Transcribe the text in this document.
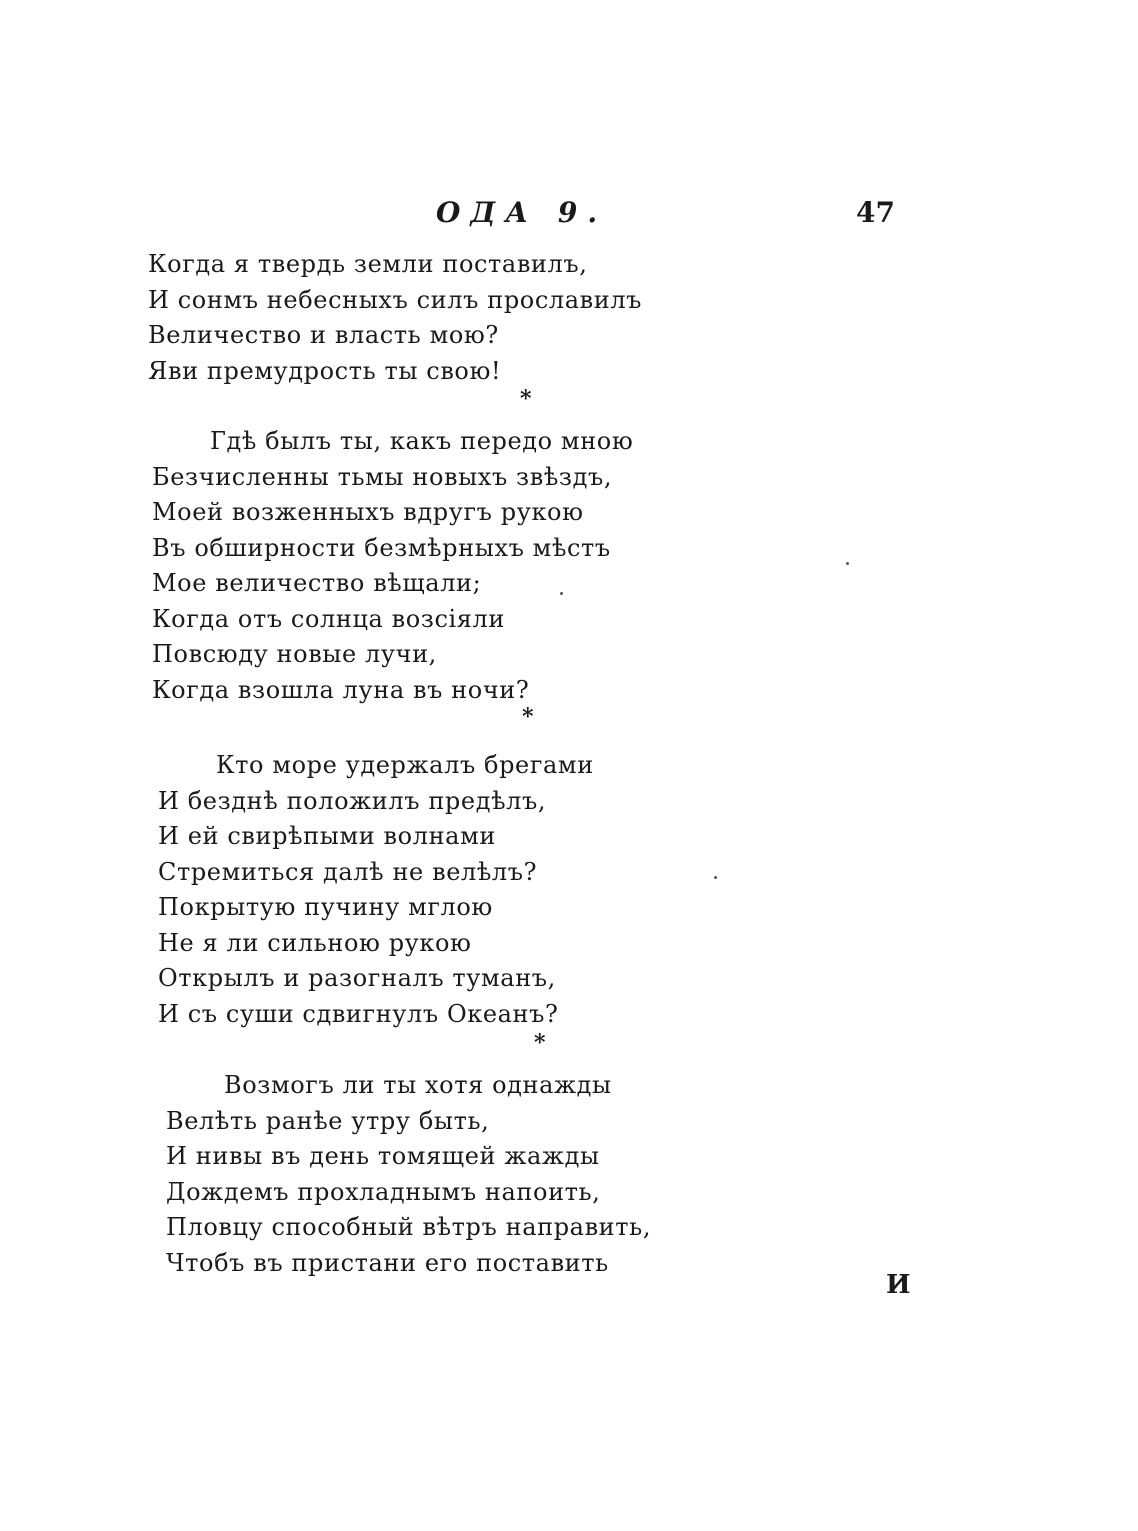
ОДА 9.	47
Когда я твердь земли поставилъ,
И сонмъ небесныхъ силъ прославилъ
Величество и власть мою?
Яви премудрость ты свою!
*
Гдѣ былъ ты, какъ передо мною
Безчисленны тьмы новыхъ звѣздъ,
Моей возженныхъ вдругъ рукою
Въ обширности безмѣрныхъ мѣстъ
Мое величество вѣщали;
Когда отъ солнца возсіяли
Повсюду новые лучи,
Когда взошла луна въ ночи?
*
Кто море удержалъ брегами
И безднѣ положилъ предѣлъ,
И ей свирѣпыми волнами
Стремиться далѣ не велѣлъ?
Покрытую пучину мглою
Не я ли сильною рукою
Открылъ и разогналъ туманъ,
И съ суши сдвигнулъ Океанъ?
*
Возмогъ ли ты хотя однажды
Велѣть ранѣе утру быть,
И нивы въ день томящей жажды
Дождемъ прохладнымъ напоить,
Пловцу способный вѣтръ направить,
Чтобъ въ пристани его поставить
И
